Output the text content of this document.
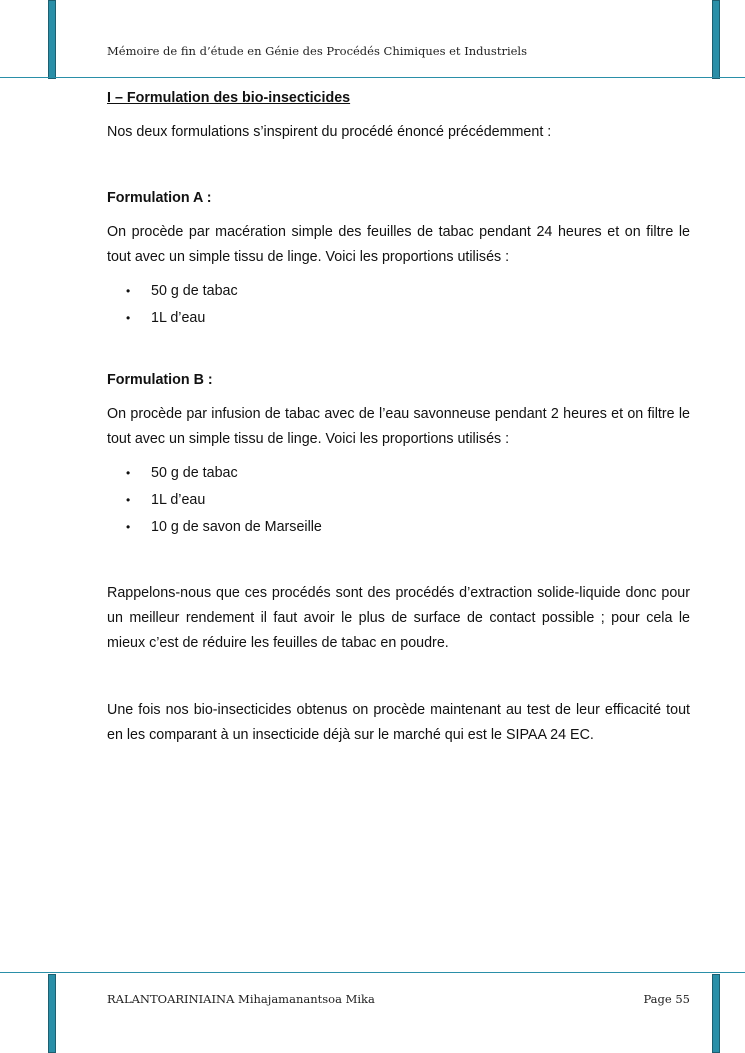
Mémoire de fin d’étude en Génie des Procédés Chimiques et Industriels
I – Formulation des bio-insecticides
Nos deux formulations s’inspirent du procédé énoncé précédemment :
Formulation A :
On procède par macération simple des feuilles de tabac pendant 24 heures et on filtre le tout avec un simple tissu de linge. Voici les proportions utilisés :
• 50 g de tabac
• 1L d’eau
Formulation B :
On procède par infusion de tabac avec de l’eau savonneuse pendant 2 heures et on filtre le tout avec un simple tissu de linge. Voici les proportions utilisés :
• 50 g de tabac
• 1L d’eau
• 10 g de savon de Marseille
Rappelons-nous que ces procédés sont des procédés d’extraction solide-liquide donc pour un meilleur rendement il faut avoir le plus de surface de contact possible ; pour cela le mieux c’est de réduire les feuilles de tabac en poudre.
Une fois nos bio-insecticides obtenus on procède maintenant au test de leur efficacité tout en les comparant à un insecticide déjà sur le marché qui est le SIPAA 24 EC.
RALANTOARINIAINA Mihajamanantsoa Mika	Page 55
